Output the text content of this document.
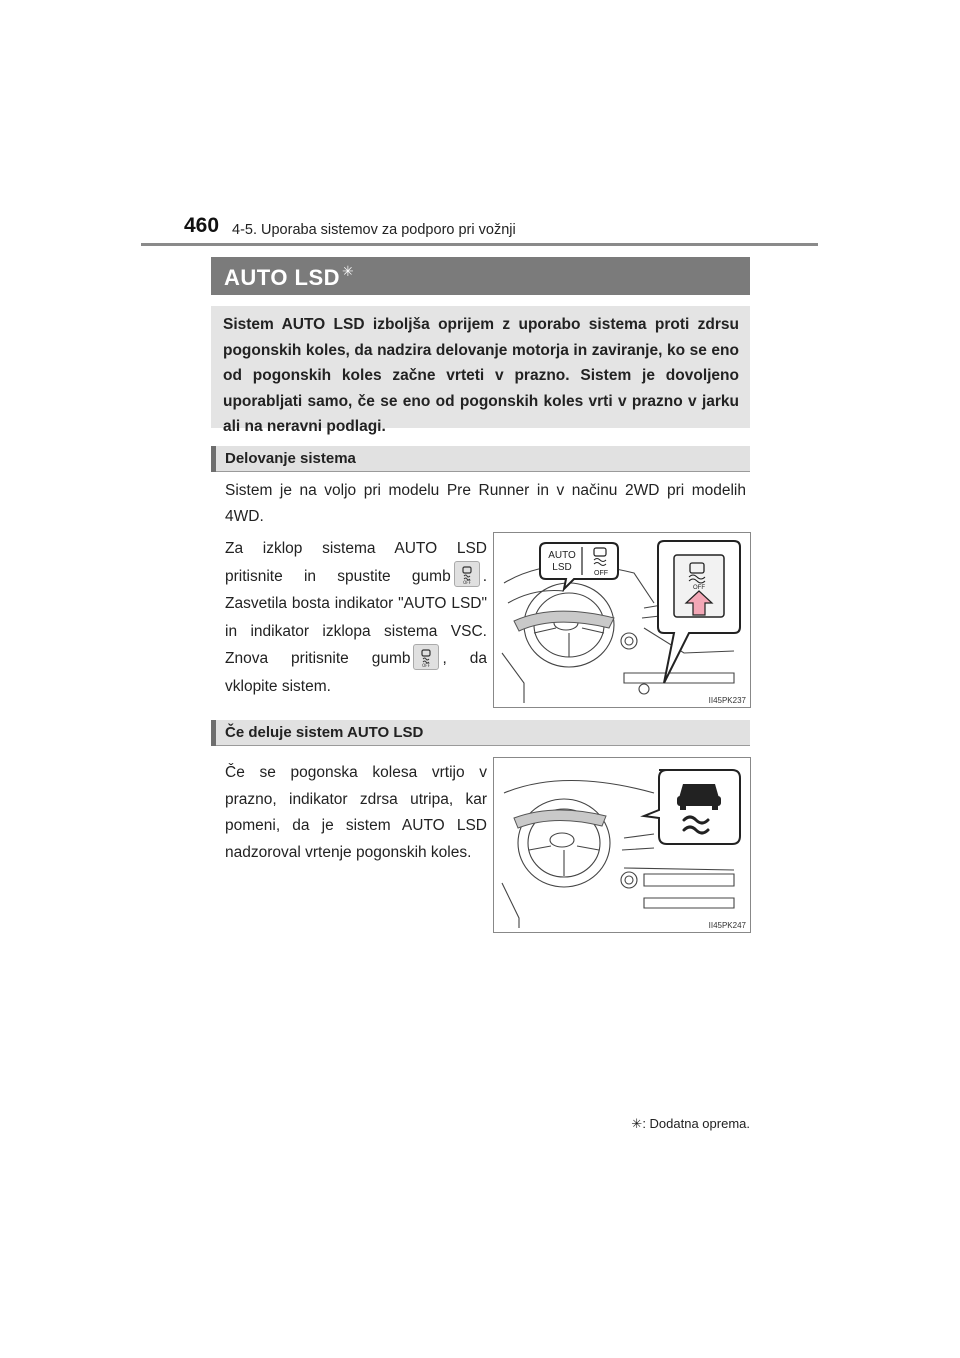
460 4-5. Uporaba sistemov za podporo pri vožnji
AUTO LSD ✳
Sistem AUTO LSD izboljša oprijem z uporabo sistema proti zdrsu pogonskih koles, da nadzira delovanje motorja in zaviranje, ko se eno od pogonskih koles začne vrteti v prazno. Sistem je dovoljeno uporabljati samo, če se eno od pogonskih koles vrti v prazno v jarku ali na neravni podlagi.
Delovanje sistema
Sistem je na voljo pri modelu Pre Runner in v načinu 2WD pri modelih 4WD.
Za izklop sistema AUTO LSD pritisnite in spustite gumb	OFF . Zasvetila bosta indikator "AUTO LSD" in indikator izklopa sistema VSC. Znova pritisnite gumb	OFF , da vklopite sistem.
AUTO
LSD
OFF
OFF
II45PK237
Če deluje sistem AUTO LSD
Če se pogonska kolesa vrtijo v prazno, indikator zdrsa utripa, kar pomeni, da je sistem AUTO LSD nadzoroval vrtenje pogonskih koles.
II45PK247
✳: Dodatna oprema.
